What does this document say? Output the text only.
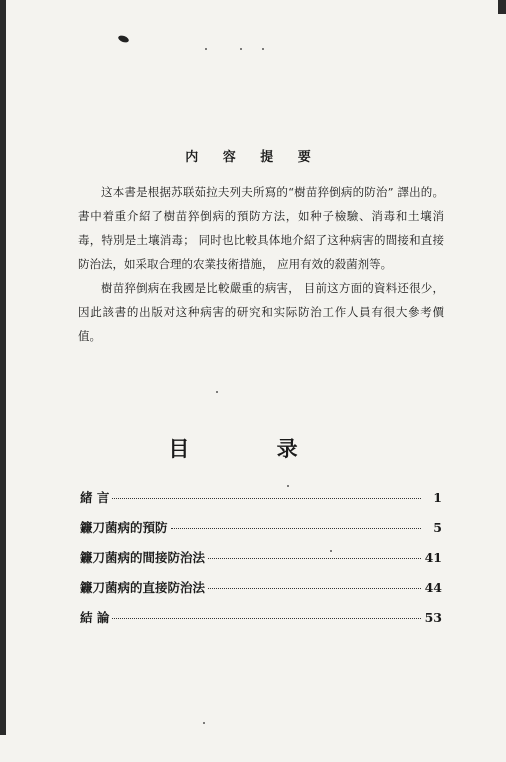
内 容 提 要

这本書是根据苏联茹拉夫列夫所寫的“樹苗猝倒病的防治” 譯出的。書中着重介紹了樹苗猝倒病的預防方法，如种子檢驗、消毒和土壤消毒，特別是土壤消毒； 同时也比較具体地介紹了这种病害的間接和直接防治法，如采取合理的农業技術措施， 应用有效的殺菌剂等。

樹苗猝倒病在我國是比較嚴重的病害， 目前这方面的資料还很少， 因此該書的出版对这种病害的研究和实际防治工作人員有很大參考價值。

目 录
緒 言	1
鐮刀菌病的預防	5
鐮刀菌病的間接防治法	41
鐮刀菌病的直接防治法	44
結 論	53
